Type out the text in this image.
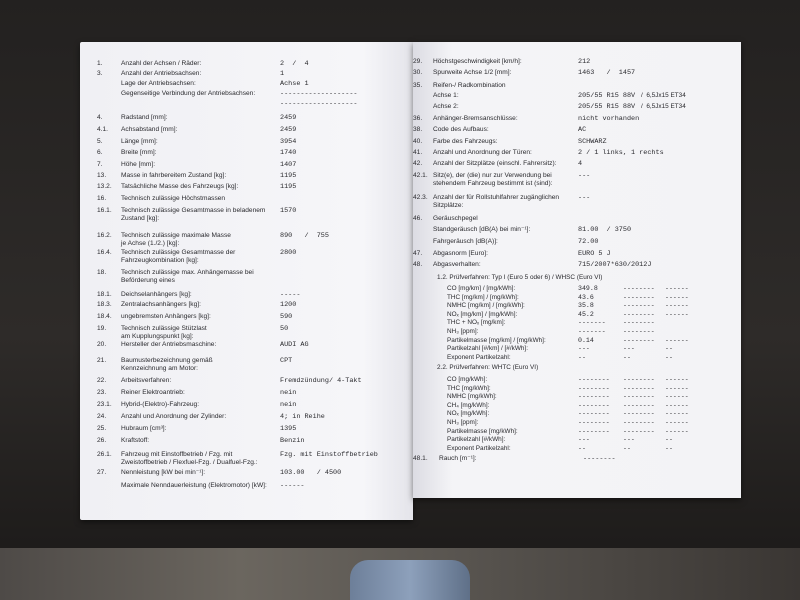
1.	Anzahl der Achsen / Räder:	2  /  4
3.	Anzahl der Antriebsachsen:	1
Lage der Antriebsachsen:	Achse 1
Gegenseitige Verbindung der Antriebsachsen:	-------------------
-------------------
4.	Radstand [mm]:	2459
4.1. Achsabstand [mm]:	2459
5.	Länge [mm]:	3954
6.	Breite [mm]:	1740
7.	Höhe [mm]:	1407
13. Masse in fahrbereitem Zustand [kg]:	1195
13.2. Tatsächliche Masse des Fahrzeugs [kg]:	1195
16. Technisch zulässige Höchstmassen
16.1. Technisch zulässige Gesamtmasse in beladenem
Zustand [kg]:
1570
16.2. Technisch zulässige maximale Masse
je Achse (1./2.) [kg]:
890   /  755
16.4. Technisch zulässige Gesamtmasse der
Fahrzeugkombination [kg]:
2800
18. Technisch zulässige max. Anhängemasse bei
Beförderung eines
18.1. Deichselanhängers [kg]:	-----
18.3. Zentralachsanhängers [kg]:	1200
18.4. ungebremsten Anhängers [kg]:	590
19. Technisch zulässige Stützlast
am Kupplungspunkt [kg]:
50
20. Hersteller der Antriebsmaschine:	AUDI AG
21. Baumusterbezeichnung gemäß
Kennzeichnung am Motor:
CPT
22. Arbeitsverfahren:	Fremdzündung/ 4-Takt
23. Reiner Elektroantrieb:	nein
23.1. Hybrid-(Elektro)-Fahrzeug:	nein
24. Anzahl und Anordnung der Zylinder:	4; in Reihe
25. Hubraum [cm³]:	1395
26. Kraftstoff:	Benzin
26.1. Fahrzeug mit Einstoffbetrieb / Fzg. mit
Zweistoffbetrieb / Flexfuel-Fzg. / Dualfuel-Fzg.:
Fzg. mit Einstoffbetrieb
27. Nennleistung [kW bei min⁻¹]:	103.00   / 4500
Maximale Nenndauerleistung (Elektromotor) [kW]:	------
29. Höchstgeschwindigkeit [km/h]:	212
30. Spurweite Achse 1/2 [mm]:	1463   /  1457
35. Reifen-/ Radkombination
Achse 1:	205/55 R15 88V /  6,5Jx15 ET34
Achse 2:	205/55 R15 88V /  6,5Jx15 ET34
36. Anhänger-Bremsanschlüsse:	nicht vorhanden
38. Code des Aufbaus:	AC
40. Farbe des Fahrzeugs:	SCHWARZ
41. Anzahl und Anordnung der Türen:	2 / 1 links, 1 rechts
42. Anzahl der Sitzplätze (einschl. Fahrersitz):	4
42.1. Sitz(e), der (die) nur zur Verwendung bei
stehendem Fahrzeug bestimmt ist (sind):
---
42.3. Anzahl der für Rollstuhlfahrer zugänglichen
Sitzplätze:
---
46. Geräuschpegel
Standgeräusch [dB(A) bei min⁻¹]:	81.00  / 3750
Fahrgeräusch [dB(A)]:	72.00
47. Abgasnorm [Euro]:	EURO 5 J
48. Abgasverhalten:	715/2007*630/2012J
1.2. Prüfverfahren: Typ I (Euro 5 oder 6) / WHSC (Euro VI)
CO [mg/km] / [mg/kWh]:	349.8	-------- ------
THC [mg/km] / [mg/kWh]:	43.6	-------- ------
NMHC [mg/km] / [mg/kWh]:	35.8	-------- ------
NOₓ [mg/km] / [mg/kWh]:	45.2	-------- ------
THC + NOₓ [mg/km]:	-------	--------
NH₃ [ppm]:	-------	--------
Partikelmasse [mg/km] / [mg/kWh]:	0.14	-------- ------
Partikelzahl [#/km] / [#/kWh]:	---	---	--
Exponent Partikelzahl:	--	--	--
2.2. Prüfverfahren: WHTC (Euro VI)
CO [mg/kWh]:	-------- -------- ------
THC [mg/kWh]:	-------- -------- ------
NMHC [mg/kWh]:	-------- -------- ------
CH₄ [mg/kWh]:	-------- -------- ------
NOₓ [mg/kWh]:	-------- -------- ------
NH₃ [ppm]:	-------- -------- ------
Partikelmasse [mg/kWh]:	-------- -------- ------
Partikelzahl [#/kWh]:	---	---	--
Exponent Partikelzahl:	--	--	--
48.1. Rauch [m⁻¹]:	--------
